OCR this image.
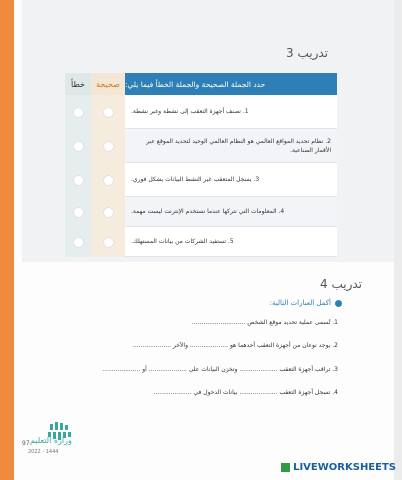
تدريب 3
خطأ	صحيحة حدد الجملة الصحيحة والجملة الخطأ فيما يلي:
1. تصنف أجهزة التعقب إلى نشطة وغير نشطة.
2. نظام تحديد المواقع العالمي هو النظام العالمي الوحيد لتحديد الموقع عبر الأقمار الصناعية.
3. يسجل المتعقب غير النشط البيانات بشكل فوري.
4. المعلومات التي نتركها عندما نستخدم الإنترنت ليست مهمة.
5. تستفيد الشركات من بيانات المستهلك.
تدريب 4
أكمل العبارات التالية:
1. تُسمى عملية تحديد موقع الشخص ............................
2. يوجد نوعان من أجهزة التعقب أحدهما هو .................... والآخر ....................
3. تراقب أجهزة التعقب .................... وتخزن البيانات على .................... أو ....................
4. تسجل أجهزة التعقب .................... بيانات الدخول في ....................
وزارة التعليم
97
2022 - 1444
LIVEWORKSHEETS
